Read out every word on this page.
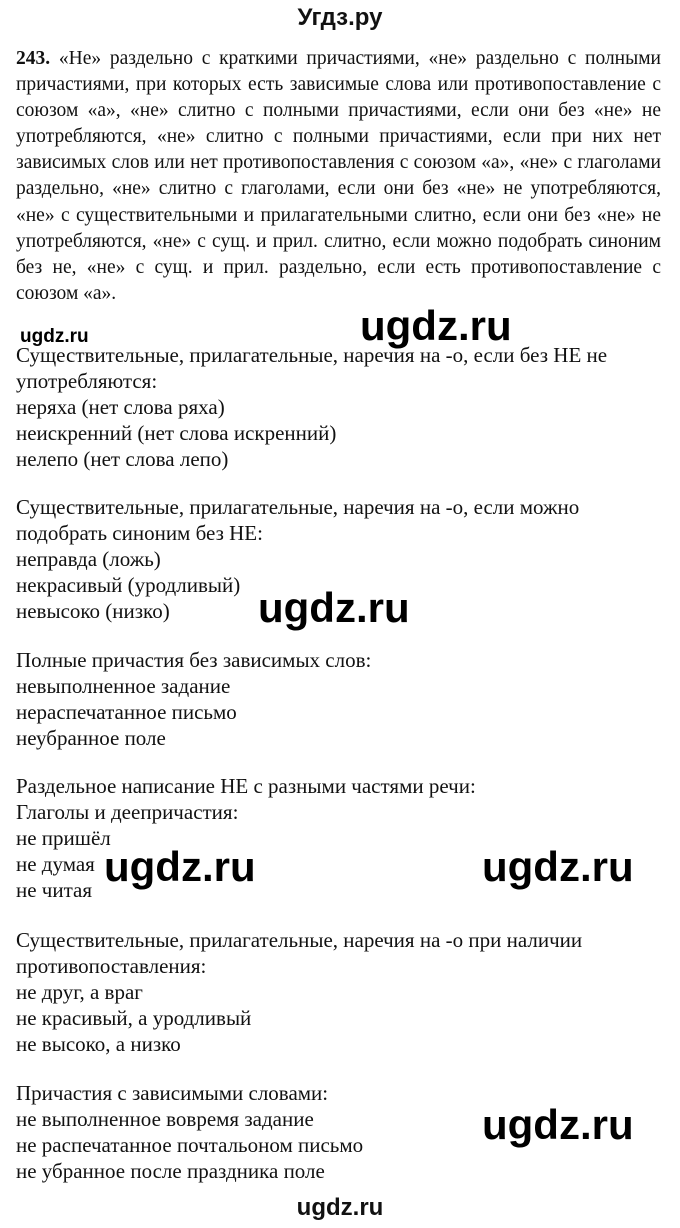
Угдз.ру
243. «Не» раздельно с краткими причастиями, «не» раздельно с полными причастиями, при которых есть зависимые слова или противопоставление с союзом «а», «не» слитно с полными причастиями, если они без «не» не употребляются, «не» слитно с полными причастиями, если при них нет зависимых слов или нет противопоставления с союзом «а», «не» с глаголами раздельно, «не» слитно с глаголами, если они без «не» не употребляются, «не» с существительными и прилагательными слитно, если они без «не» не употребляются, «не» с сущ. и прил. слитно, если можно подобрать синоним без не, «не» с сущ. и прил. раздельно, если есть противопоставление с союзом «а».
ugdz.ru	ugdz.ru
ugdz.ru
ugdz.ru	ugdz.ru
ugdz.ru
Существительные, прилагательные, наречия на -о, если без НЕ не
употребляются:
неряха (нет слова ряха)
неискренний (нет слова искренний)
нелепо (нет слова лепо)
Существительные, прилагательные, наречия на -о, если можно
подобрать синоним без НЕ:
неправда (ложь)
некрасивый (уродливый)
невысоко (низко)
Полные причастия без зависимых слов:
невыполненное задание
нераспечатанное письмо
неубранное поле
Раздельное написание НЕ с разными частями речи:
Глаголы и деепричастия:
не пришёл
не думая
не читая
Существительные, прилагательные, наречия на -о при наличии
противопоставления:
не друг, а враг
не красивый, а уродливый
не высоко, а низко
Причастия с зависимыми словами:
не выполненное вовремя задание
не распечатанное почтальоном письмо
не убранное после праздника поле
ugdz.ru
